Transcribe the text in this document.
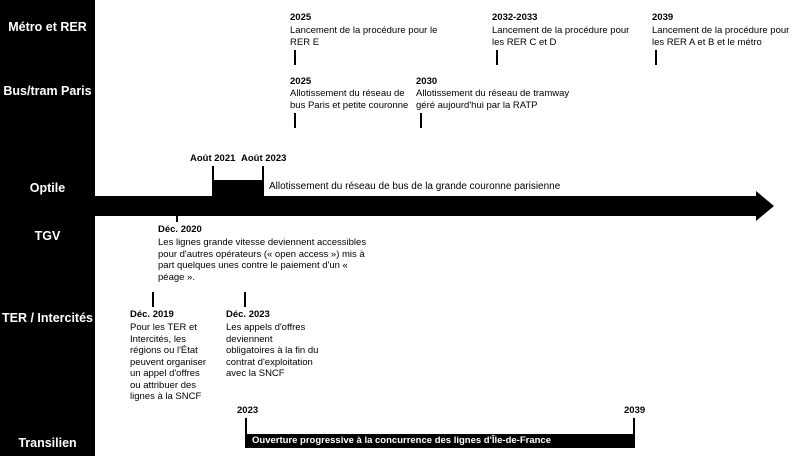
Métro et RER
Bus/tram Paris
Optile
TGV
TER / Intercités
Transilien
2025
Lancement de la procédure pour le RER E
2032-2033
Lancement de la procédure pour les RER C et D
2039
Lancement de la procédure pour les RER A et B et le métro
2025
Allotissement du réseau de bus Paris et petite couronne
2030
Allotissement du réseau de tramway géré aujourd'hui par la RATP
Août 2021 Août 2023
Allotissement du réseau de bus de la grande couronne parisienne
Déc. 2020
Les lignes grande vitesse deviennent accessibles pour d'autres opérateurs (« open access ») mis à part quelques unes contre le paiement d'un « péage ».
Déc. 2019
Pour les TER et Intercités, les régions ou l'État peuvent organiser un appel d'offres ou attribuer des lignes à la SNCF
Déc. 2023
Les appels d'offres deviennent obligatoires à la fin du contrat d'exploitation avec la SNCF
2023	2039
Ouverture progressive à la concurrence des lignes d'Île-de-France
